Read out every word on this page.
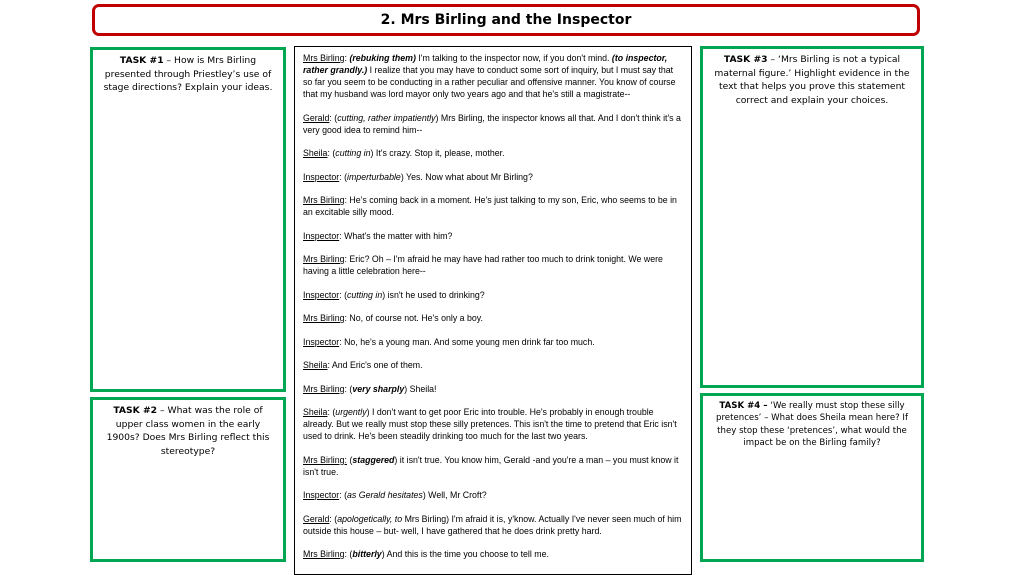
2. Mrs Birling and the Inspector
TASK #1 – How is Mrs Birling presented through Priestley’s use of stage directions? Explain your ideas.
TASK #2 – What was the role of upper class women in the early 1900s? Does Mrs Birling reflect this stereotype?
TASK #3 – ‘Mrs Birling is not a typical maternal figure.’ Highlight evidence in the text that helps you prove this statement correct and explain your choices.
TASK #4 – ‘We really must stop these silly pretences’ – What does Sheila mean here? If they stop these ‘pretences’, what would the impact be on the Birling family?

Mrs Birling: (rebuking them) I'm talking to the inspector now, if you don't mind. (to inspector, rather grandly.) I realize that you may have to conduct some sort of inquiry, but I must say that so far you seem to be conducting in a rather peculiar and offensive manner. You know of course that my husband was lord mayor only two years ago and that he's still a magistrate--

Gerald: (cutting, rather impatiently) Mrs Birling, the inspector knows all that. And I don't think it's a very good idea to remind him--

Sheila: (cutting in) It's crazy. Stop it, please, mother.

Inspector: (imperturbable) Yes. Now what about Mr Birling?

Mrs Birling: He's coming back in a moment. He's just talking to my son, Eric, who seems to be in an excitable silly mood.

Inspector: What's the matter with him?

Mrs Birling: Eric? Oh – I'm afraid he may have had rather too much to drink tonight. We were having a little celebration here--

Inspector: (cutting in) isn't he used to drinking?

Mrs Birling: No, of course not. He's only a boy.

Inspector: No, he's a young man. And some young men drink far too much.

Sheila: And Eric's one of them.

Mrs Birling: (very sharply) Sheila!

Sheila: (urgently) I don't want to get poor Eric into trouble. He's probably in enough trouble already. But we really must stop these silly pretences. This isn't the time to pretend that Eric isn't used to drink. He's been steadily drinking too much for the last two years.

Mrs Birling: (staggered) it isn't true. You know him, Gerald -and you're a man – you must know it isn't true.

Inspector: (as Gerald hesitates) Well, Mr Croft?

Gerald: (apologetically, to Mrs Birling) I'm afraid it is, y'know. Actually I've never seen much of him outside this house – but- well, I have gathered that he does drink pretty hard.

Mrs Birling: (bitterly) And this is the time you choose to tell me.
